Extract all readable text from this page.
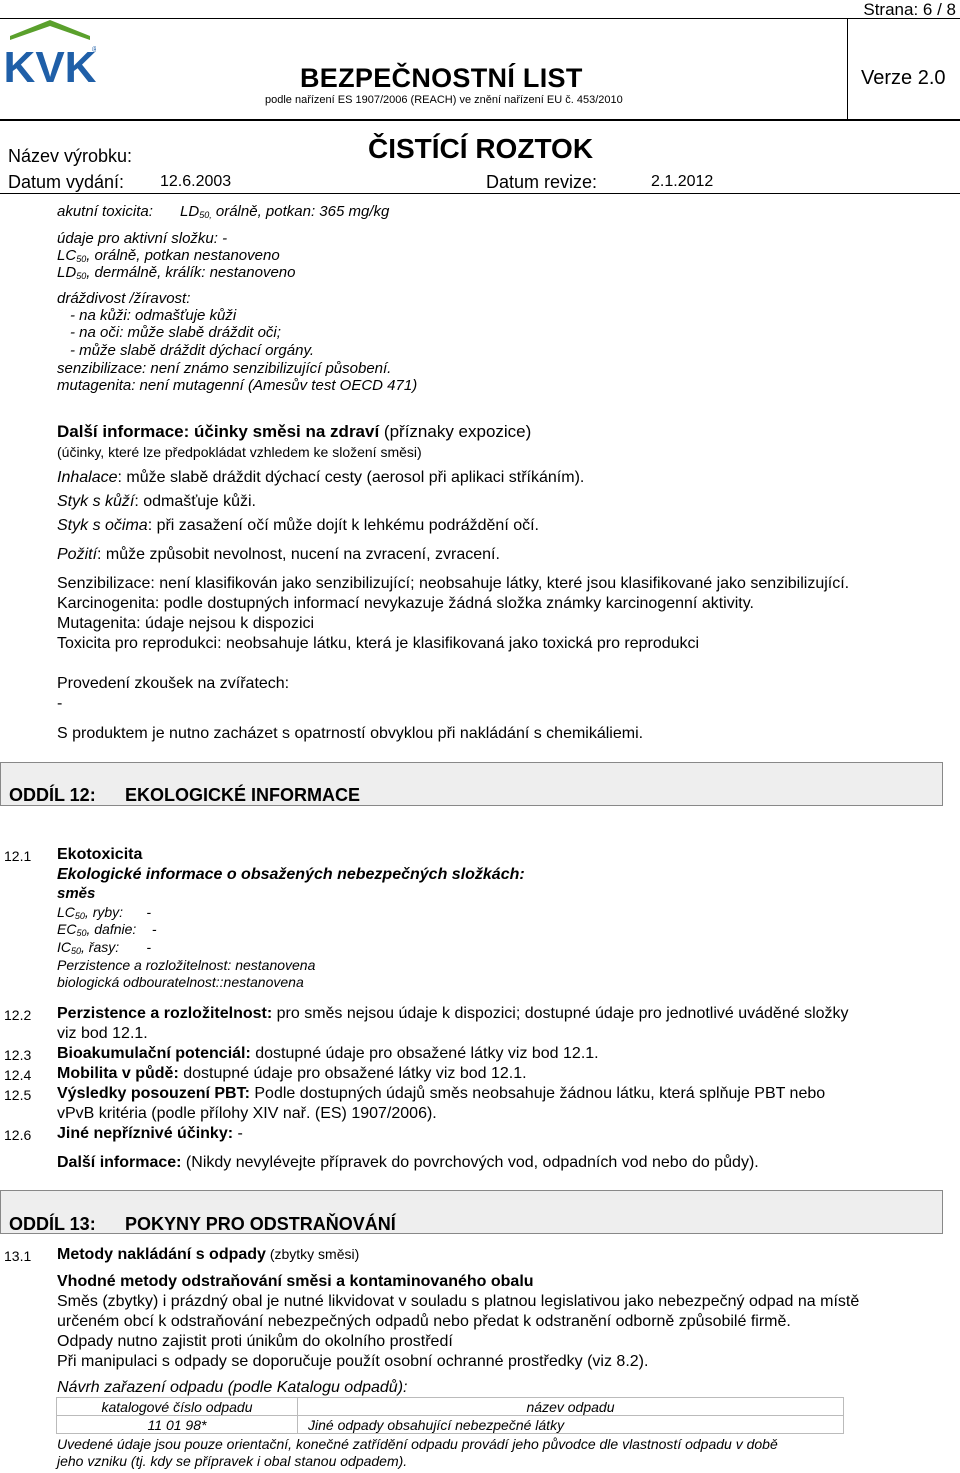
Strana: 6 / 8
KVK
®
BEZPEČNOSTNÍ LIST
podle nařízení ES 1907/2006 (REACH) ve znění nařízení EU č. 453/2010
Verze 2.0
Název výrobku:	ČISTÍCÍ ROZTOK
Datum vydání: 12.6.2003	Datum revize:	2.1.2012
akutní toxicita: $LD_{50,}$ orálně, potkan: 365 mg/kg
údaje pro aktivní složku: -
$LC_{50}$, orálně, potkan nestanoveno
$LD_{50}$, dermálně, králík: nestanoveno
dráždivost /žíravost:
- na kůži: odmašťuje kůži
- na oči: může slabě dráždit oči;
- může slabě dráždit dýchací orgány.
senzibilizace: není známo senzibilizující působení.
mutagenita: není mutagenní (Amesův test OECD 471)
Další informace: účinky směsi na zdraví (příznaky expozice)
(účinky, které lze předpokládat vzhledem ke složení směsi)
Inhalace: může slabě dráždit dýchací cesty (aerosol při aplikaci stříkáním).
Styk s kůží: odmašťuje kůži.
Styk s očima: při zasažení očí může dojít k lehkému podráždění očí.
Požití: může způsobit nevolnost, nucení na zvracení, zvracení.
Senzibilizace: není klasifikován jako senzibilizující; neobsahuje látky, které jsou klasifikované jako senzibilizující.
Karcinogenita: podle dostupných informací nevykazuje žádná složka známky karcinogenní aktivity.
Mutagenita: údaje nejsou k dispozici
Toxicita pro reprodukci: neobsahuje látku, která je klasifikovaná jako toxická pro reprodukci
Provedení zkoušek na zvířatech:
-
S produktem je nutno zacházet s opatrností obvyklou při nakládání s chemikáliemi.
ODDÍL 12: EKOLOGICKÉ INFORMACE
12.1 Ekotoxicita
Ekologické informace o obsažených nebezpečných složkách:
směs
$LC_{50}$, ryby:      -
$EC_{50}$, dafnie:    -
$IC_{50}$, řasy:       -
Perzistence a rozložitelnost: nestanovena
biologická odbouratelnost::nestanovena
12.2 Perzistence a rozložitelnost: pro směs nejsou údaje k dispozici; dostupné údaje pro jednotlivé uváděné složky
viz bod 12.1.
12.3 Bioakumulační potenciál: dostupné údaje pro obsažené látky viz bod 12.1.
12.4 Mobilita v půdě: dostupné údaje pro obsažené látky viz bod 12.1.
12.5 Výsledky posouzení PBT: Podle dostupných údajů směs neobsahuje žádnou látku, která splňuje PBT nebo
vPvB kritéria (podle přílohy XIV nař. (ES) 1907/2006).
12.6 Jiné nepříznivé účinky: -
Další informace: (Nikdy nevylévejte přípravek do povrchových vod, odpadních vod nebo do půdy).
ODDÍL 13: POKYNY PRO ODSTRAŇOVÁNÍ
13.1 Metody nakládání s odpady (zbytky směsi)
Vhodné metody odstraňování směsi a kontaminovaného obalu
Směs (zbytky) i prázdný obal je nutné likvidovat v souladu s platnou legislativou jako nebezpečný odpad na místě
určeném obcí k odstraňování nebezpečných odpadů nebo předat k odstranění odborně způsobilé firmě.
Odpady nutno zajistit proti únikům do okolního prostředí
Při manipulaci s odpady se doporučuje použít osobní ochranné prostředky (viz 8.2).
Návrh zařazení odpadu (podle Katalogu odpadů):
katalogové číslo odpadu	název odpadu
11 01 98*	Jiné odpady obsahující nebezpečné látky
Uvedené údaje jsou pouze orientační, konečné zatřídění odpadu provádí jeho původce dle vlastností odpadu v době
jeho vzniku (tj. kdy se přípravek i obal stanou odpadem).
